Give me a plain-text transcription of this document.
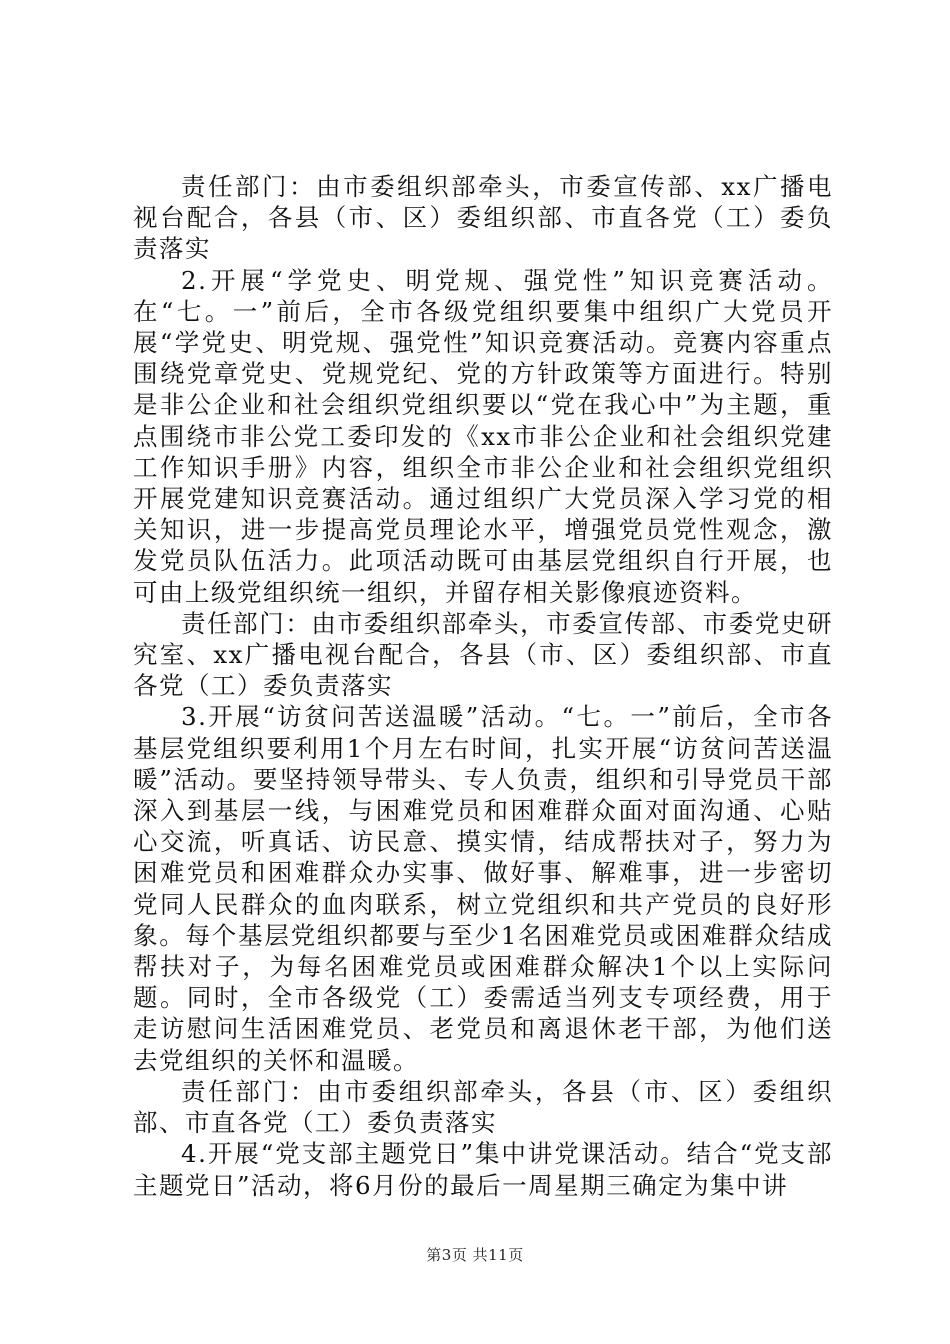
责任部门：由市委组织部牵头，市委宣传部、xx广播电视台配合，各县（市、区）委组织部、市直各党（工）委负责落实

2.开展“学党史、明党规、强党性”知识竞赛活动。在“七。一”前后，全市各级党组织要集中组织广大党员开展“学党史、明党规、强党性”知识竞赛活动。竞赛内容重点围绕党章党史、党规党纪、党的方针政策等方面进行。特别是非公企业和社会组织党组织要以“党在我心中”为主题，重点围绕市非公党工委印发的《xx市非公企业和社会组织党建工作知识手册》内容，组织全市非公企业和社会组织党组织开展党建知识竞赛活动。通过组织广大党员深入学习党的相关知识，进一步提高党员理论水平，增强党员党性观念，激发党员队伍活力。此项活动既可由基层党组织自行开展，也可由上级党组织统一组织，并留存相关影像痕迹资料。

责任部门：由市委组织部牵头，市委宣传部、市委党史研究室、xx广播电视台配合，各县（市、区）委组织部、市直各党（工）委负责落实

3.开展“访贫问苦送温暖”活动。“七。一”前后，全市各基层党组织要利用1个月左右时间，扎实开展“访贫问苦送温暖”活动。要坚持领导带头、专人负责，组织和引导党员干部深入到基层一线，与困难党员和困难群众面对面沟通、心贴心交流，听真话、访民意、摸实情，结成帮扶对子，努力为困难党员和困难群众办实事、做好事、解难事，进一步密切党同人民群众的血肉联系，树立党组织和共产党员的良好形象。每个基层党组织都要与至少1名困难党员或困难群众结成帮扶对子，为每名困难党员或困难群众解决1个以上实际问题。同时，全市各级党（工）委需适当列支专项经费，用于走访慰问生活困难党员、老党员和离退休老干部，为他们送去党组织的关怀和温暖。

责任部门：由市委组织部牵头，各县（市、区）委组织部、市直各党（工）委负责落实

4.开展“党支部主题党日”集中讲党课活动。结合“党支部主题党日”活动，将6月份的最后一周星期三确定为集中讲

第3页 共11页
